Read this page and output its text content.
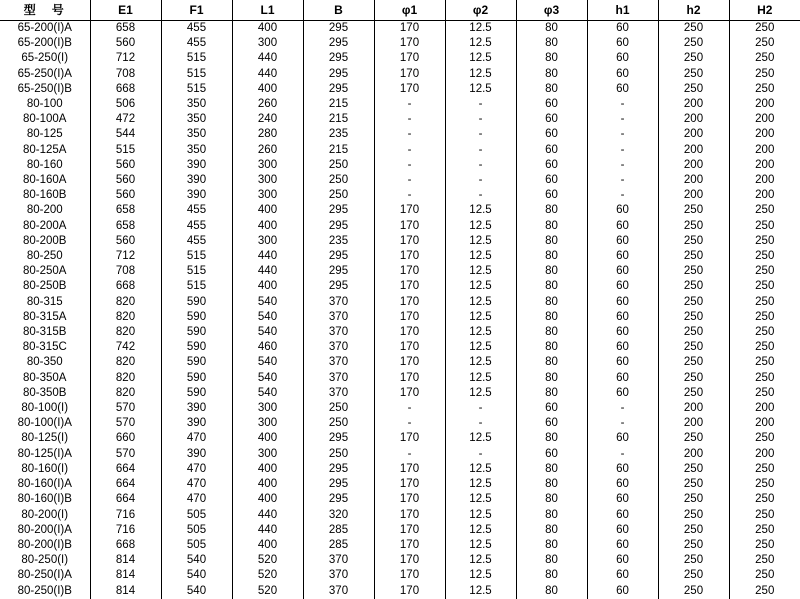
型　号	E1	F1	L1	B	φ1	φ2	φ3	h1	h2	H2
65-200(I)A	658	455	400	295	170	12.5	80	60	250	250
65-200(I)B	560	455	300	295	170	12.5	80	60	250	250
65-250(I)	712	515	440	295	170	12.5	80	60	250	250
65-250(I)A	708	515	440	295	170	12.5	80	60	250	250
65-250(I)B	668	515	400	295	170	12.5	80	60	250	250
80-100	506	350	260	215	-	-	60	-	200	200
80-100A	472	350	240	215	-	-	60	-	200	200
80-125	544	350	280	235	-	-	60	-	200	200
80-125A	515	350	260	215	-	-	60	-	200	200
80-160	560	390	300	250	-	-	60	-	200	200
80-160A	560	390	300	250	-	-	60	-	200	200
80-160B	560	390	300	250	-	-	60	-	200	200
80-200	658	455	400	295	170	12.5	80	60	250	250
80-200A	658	455	400	295	170	12.5	80	60	250	250
80-200B	560	455	300	235	170	12.5	80	60	250	250
80-250	712	515	440	295	170	12.5	80	60	250	250
80-250A	708	515	440	295	170	12.5	80	60	250	250
80-250B	668	515	400	295	170	12.5	80	60	250	250
80-315	820	590	540	370	170	12.5	80	60	250	250
80-315A	820	590	540	370	170	12.5	80	60	250	250
80-315B	820	590	540	370	170	12.5	80	60	250	250
80-315C	742	590	460	370	170	12.5	80	60	250	250
80-350	820	590	540	370	170	12.5	80	60	250	250
80-350A	820	590	540	370	170	12.5	80	60	250	250
80-350B	820	590	540	370	170	12.5	80	60	250	250
80-100(I)	570	390	300	250	-	-	60	-	200	200
80-100(I)A	570	390	300	250	-	-	60	-	200	200
80-125(I)	660	470	400	295	170	12.5	80	60	250	250
80-125(I)A	570	390	300	250	-	-	60	-	200	200
80-160(I)	664	470	400	295	170	12.5	80	60	250	250
80-160(I)A	664	470	400	295	170	12.5	80	60	250	250
80-160(I)B	664	470	400	295	170	12.5	80	60	250	250
80-200(I)	716	505	440	320	170	12.5	80	60	250	250
80-200(I)A	716	505	440	285	170	12.5	80	60	250	250
80-200(I)B	668	505	400	285	170	12.5	80	60	250	250
80-250(I)	814	540	520	370	170	12.5	80	60	250	250
80-250(I)A	814	540	520	370	170	12.5	80	60	250	250
80-250(I)B	814	540	520	370	170	12.5	80	60	250	250
